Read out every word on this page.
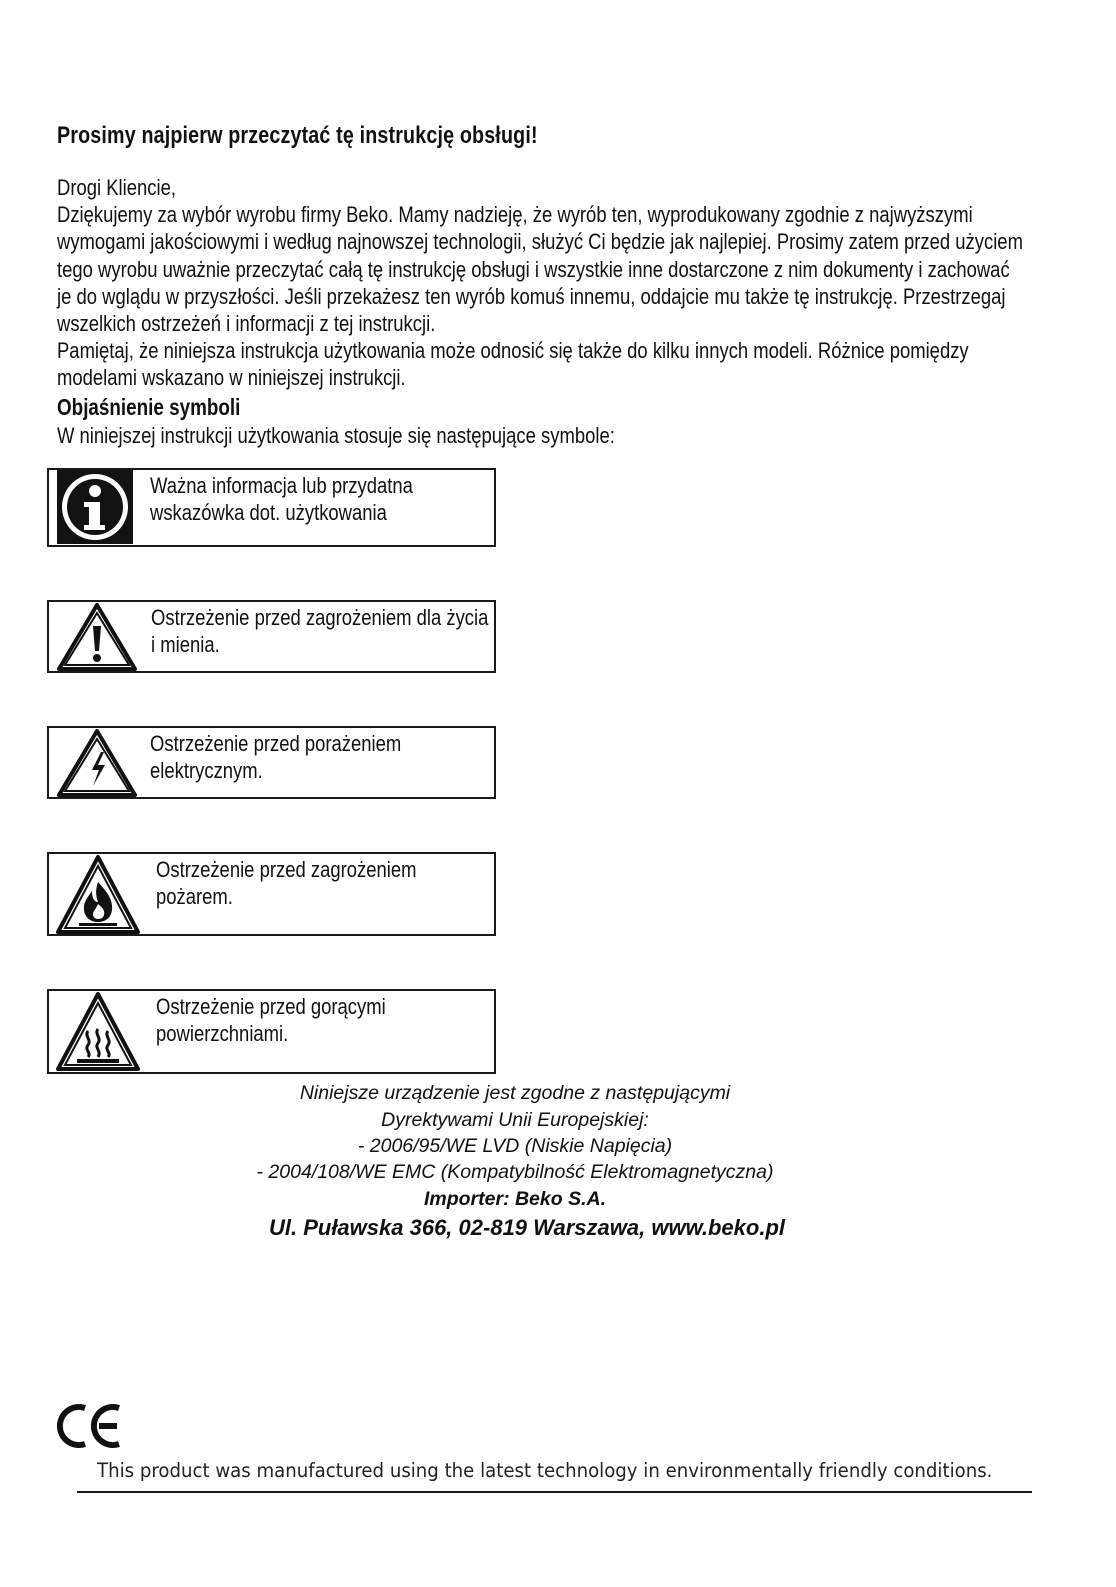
Prosimy najpierw przeczytać tę instrukcję obsługi!
Drogi Kliencie,
Dziękujemy za wybór wyrobu firmy Beko. Mamy nadzieję, że wyrób ten, wyprodukowany zgodnie z najwyższymi
wymogami jakościowymi i według najnowszej technologii, służyć Ci będzie jak najlepiej. Prosimy zatem przed użyciem
tego wyrobu uważnie przeczytać całą tę instrukcję obsługi i wszystkie inne dostarczone z nim dokumenty i zachować
je do wglądu w przyszłości. Jeśli przekażesz ten wyrób komuś innemu, oddajcie mu także tę instrukcję. Przestrzegaj
wszelkich ostrzeżeń i informacji z tej instrukcji.
Pamiętaj, że niniejsza instrukcja użytkowania może odnosić się także do kilku innych modeli. Różnice pomiędzy
modelami wskazano w niniejszej instrukcji.
Objaśnienie symboli
W niniejszej instrukcji użytkowania stosuje się następujące symbole:
Ważna informacja lub przydatna
wskazówka dot. użytkowania
Ostrzeżenie przed zagrożeniem dla życia
i mienia.
Ostrzeżenie przed porażeniem
elektrycznym.
Ostrzeżenie przed zagrożeniem
pożarem.
Ostrzeżenie przed gorącymi
powierzchniami.
Niniejsze urządzenie jest zgodne z następującymi
Dyrektywami Unii Europejskiej:
- 2006/95/WE LVD (Niskie Napięcia)
- 2004/108/WE EMC (Kompatybilność Elektromagnetyczna)
Importer: Beko S.A.
Ul. Puławska 366, 02-819 Warszawa, www.beko.pl
This product was manufactured using the latest technology in environmentally friendly conditions.
